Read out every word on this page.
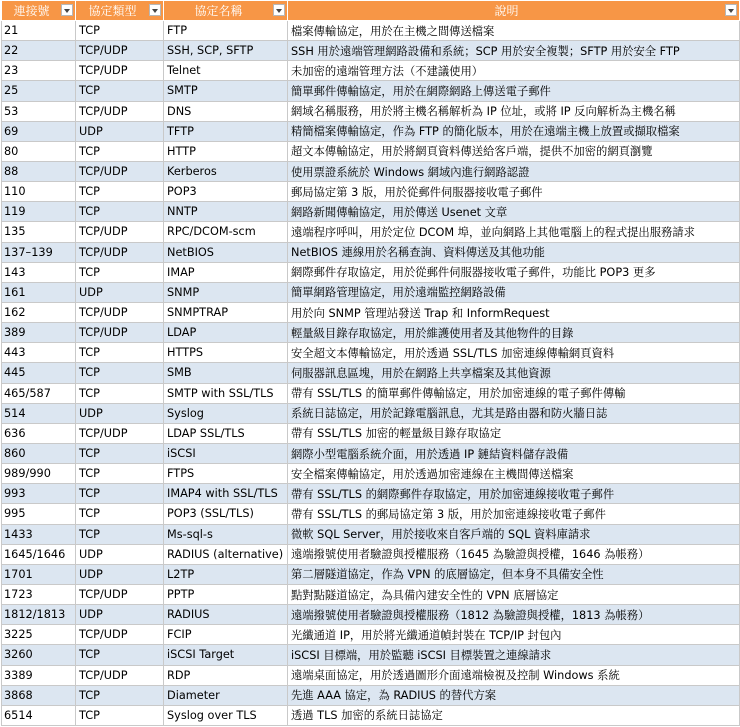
連接號	協定類型	協定名稱	說明

21	TCP	FTP	檔案傳輸協定，用於在主機之間傳送檔案
22	TCP/UDP	SSH, SCP, SFTP	SSH 用於遠端管理網路設備和系統；SCP 用於安全複製；SFTP 用於安全 FTP
23	TCP/UDP	Telnet	未加密的遠端管理方法（不建議使用）
25	TCP	SMTP	簡單郵件傳輸協定，用於在網際網路上傳送電子郵件
53	TCP/UDP	DNS	網域名稱服務，用於將主機名稱解析為 IP 位址，或將 IP 反向解析為主機名稱
69	UDP	TFTP	精簡檔案傳輸協定，作為 FTP 的簡化版本，用於在遠端主機上放置或擷取檔案
80	TCP	HTTP	超文本傳輸協定，用於將網頁資料傳送給客戶端，提供不加密的網頁瀏覽
88	TCP/UDP	Kerberos	使用票證系統於 Windows 網域內進行網路認證
110	TCP	POP3	郵局協定第 3 版，用於從郵件伺服器接收電子郵件
119	TCP	NNTP	網路新聞傳輸協定，用於傳送 Usenet 文章
135	TCP/UDP	RPC/DCOM-scm	遠端程序呼叫，用於定位 DCOM 埠，並向網路上其他電腦上的程式提出服務請求
137–139	TCP/UDP	NetBIOS	NetBIOS 連線用於名稱查詢、資料傳送及其他功能
143	TCP	IMAP	網際郵件存取協定，用於從郵件伺服器接收電子郵件，功能比 POP3 更多
161	UDP	SNMP	簡單網路管理協定，用於遠端監控網路設備
162	TCP/UDP	SNMPTRAP	用於向 SNMP 管理站發送 Trap 和 InformRequest
389	TCP/UDP	LDAP	輕量級目錄存取協定，用於維護使用者及其他物件的目錄
443	TCP	HTTPS	安全超文本傳輸協定，用於透過 SSL/TLS 加密連線傳輸網頁資料
445	TCP	SMB	伺服器訊息區塊，用於在網路上共享檔案及其他資源
465/587	TCP	SMTP with SSL/TLS	帶有 SSL/TLS 的簡單郵件傳輸協定，用於加密連線的電子郵件傳輸
514	UDP	Syslog	系統日誌協定，用於記錄電腦訊息，尤其是路由器和防火牆日誌
636	TCP/UDP	LDAP SSL/TLS	帶有 SSL/TLS 加密的輕量級目錄存取協定
860	TCP	iSCSI	網際小型電腦系統介面，用於透過 IP 鏈結資料儲存設備
989/990	TCP	FTPS	安全檔案傳輸協定，用於透過加密連線在主機間傳送檔案
993	TCP	IMAP4 with SSL/TLS	帶有 SSL/TLS 的網際郵件存取協定，用於加密連線接收電子郵件
995	TCP	POP3 (SSL/TLS)	帶有 SSL/TLS 的郵局協定第 3 版，用於加密連線接收電子郵件
1433	TCP	Ms-sql-s	微軟 SQL Server，用於接收來自客戶端的 SQL 資料庫請求
1645/1646	UDP	RADIUS (alternative)	遠端撥號使用者驗證與授權服務（1645 為驗證與授權，1646 為帳務）
1701	UDP	L2TP	第二層隧道協定，作為 VPN 的底層協定，但本身不具備安全性
1723	TCP/UDP	PPTP	點對點隧道協定，為具備內建安全性的 VPN 底層協定
1812/1813	UDP	RADIUS	遠端撥號使用者驗證與授權服務（1812 為驗證與授權，1813 為帳務）
3225	TCP/UDP	FCIP	光纖通道 IP，用於將光纖通道幀封裝在 TCP/IP 封包內
3260	TCP	iSCSI Target	iSCSI 目標端，用於監聽 iSCSI 目標裝置之連線請求
3389	TCP/UDP	RDP	遠端桌面協定，用於透過圖形介面遠端檢視及控制 Windows 系統
3868	TCP	Diameter	先進 AAA 協定，為 RADIUS 的替代方案
6514	TCP	Syslog over TLS	透過 TLS 加密的系統日誌協定
